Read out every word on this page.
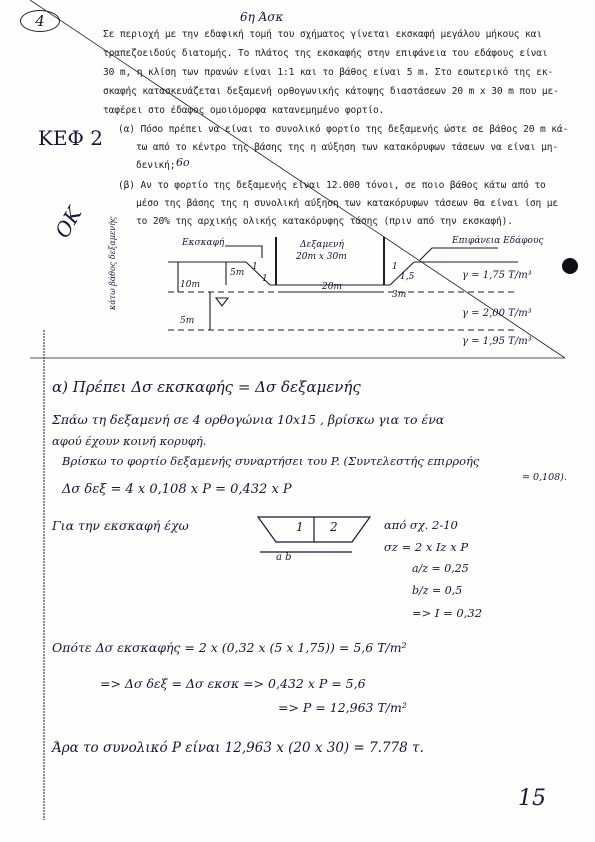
4	6η Άσκ
Σε περιοχή με την εδαφική τομή του σχήματος γίνεται εκσκαφή μεγάλου μήκους και
τραπεζοειδούς διατομής. Το πλάτος της εκσκαφής στην επιφάνεια του εδάφους είναι
30 m, η κλίση των πρανών είναι 1:1 και το βάθος είναι 5 m. Στο εσωτερικό της εκ-
σκαφής κατασκευάζεται δεξαμενή ορθογωνικής κάτοψης διαστάσεων 20 m x 30 m που με-
ταφέρει στο έδαφος ομοιόμορφα κατανεμημένο φορτίο.
(α) Πόσο πρέπει να είναι το συνολικό φορτίο της δεξαμενής ώστε σε βάθος 20 m κά-
τω από το κέντρο της βάσης της η αύξηση των κατακόρυφων τάσεων να είναι μη-
δενική; 6ο
(β) Αν το φορτίο της δεξαμενής είναι 12.000 τόνοι, σε ποιο βάθος κάτω από το
μέσο της βάσης της η συνολική αύξηση των κατακόρυφων τάσεων θα είναι ίση με
το 20% της αρχικής ολικής κατακόρυφης τάσης (πριν από την εκσκαφή).
ΚΕΦ 2
OK	κάτω βάθος δεξαμενής	Εκσκαφή	Δεξαμενή
20m x 30m
Επιφάνεια Εδάφους
5m
10m
5m
20m
1
1
1
1,5
3m
γ = 1,75 T/m³
γ = 2,00 T/m³
γ = 1,95 T/m³
α) Πρέπει Δσ εκσκαφής = Δσ δεξαμενής
Σπάω τη δεξαμενή σε 4 ορθογώνια 10x15 , βρίσκω για το ένα
αφού έχουν κοινή κορυφή.
Βρίσκω το φορτίο δεξαμενής συναρτήσει του P. (Συντελεστής επιρροής
= 0,108).
Δσ δεξ = 4 x 0,108 x P = 0,432 x P
Για την εκσκαφή έχω	1 2
a b
από σχ. 2-10
σz = 2 x Iz x P
a/z = 0,25
b/z = 0,5
=> I = 0,32
Οπότε Δσ εκσκαφής = 2 x (0,32 x (5 x 1,75)) = 5,6 T/m²
=> Δσ δεξ = Δσ εκσκ => 0,432 x P = 5,6
=> P = 12,963 T/m²
Άρα το συνολικό P είναι 12,963 x (20 x 30) = 7.778 τ.
15
